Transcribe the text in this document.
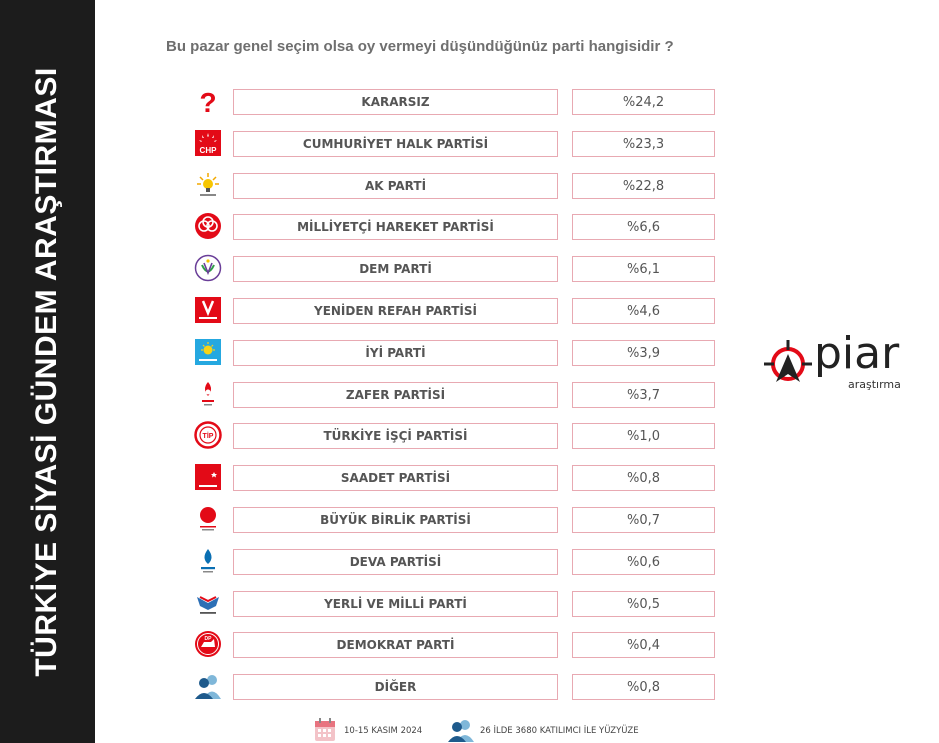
TÜRKİYE SİYASİ GÜNDEM ARAŞTIRMASI
Bu pazar genel seçim olsa oy vermeyi düşündüğünüz parti hangisidir ?
?	KARARSIZ	%24,2
CHP	CUMHURİYET HALK PARTİSİ	%23,3
AK PARTİ	%22,8
MİLLİYETÇİ HAREKET PARTİSİ	%6,6
DEM PARTİ	%6,1
YENİDEN REFAH PARTİSİ	%4,6
İYİ PARTİ	%3,9
ZAFER PARTİSİ	%3,7
TİP	TÜRKİYE İŞÇİ PARTİSİ	%1,0
SAADET PARTİSİ	%0,8
BÜYÜK BİRLİK PARTİSİ	%0,7
DEVA PARTİSİ	%0,6
YERLİ VE MİLLİ PARTİ	%0,5
DP	DEMOKRAT PARTİ	%0,4
DİĞER	%0,8
piar
araştırma
10-15 KASIM 2024	26 İLDE 3680 KATILIMCI İLE YÜZYÜZE
